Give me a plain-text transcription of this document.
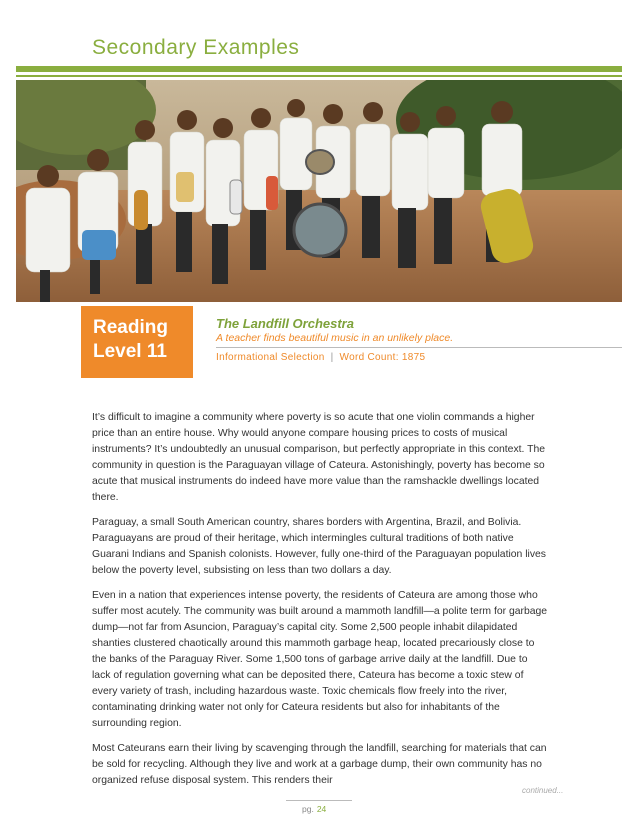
Secondary Examples
Reading
Level 11
The Landfill Orchestra
A teacher finds beautiful music in an unlikely place.
Informational Selection | Word Count: 1875

It’s difficult to imagine a community where poverty is so acute that one violin commands a higher price than an entire house. Why would anyone compare housing prices to costs of musical instruments? It’s undoubtedly an unusual comparison, but perfectly appropriate in this context. The community in question is the Paraguayan village of Cateura. Astonishingly, poverty has become so acute that musical instruments do indeed have more value than the ramshackle dwellings located there.

Paraguay, a small South American country, shares borders with Argentina, Brazil, and Bolivia. Paraguayans are proud of their heritage, which intermingles cultural traditions of both native Guarani Indians and Spanish colonists. However, fully one-third of the Paraguayan population lives below the poverty level, subsisting on less than two dollars a day.

Even in a nation that experiences intense poverty, the residents of Cateura are among those who suffer most acutely. The community was built around a mammoth landfill—a polite term for garbage dump—not far from Asuncion, Paraguay’s capital city. Some 2,500 people inhabit dilapidated shanties clustered chaotically around this mammoth garbage heap, located precariously close to the banks of the Paraguay River. Some 1,500 tons of garbage arrive daily at the landfill. Due to lack of regulation governing what can be deposited there, Cateura has become a toxic stew of every variety of trash, including hazardous waste. Toxic chemicals flow freely into the river, contaminating drinking water not only for Cateura residents but also for inhabitants of the surrounding region.

Most Cateurans earn their living by scavenging through the landfill, searching for materials that can be sold for recycling. Although they live and work at a garbage dump, their own community has no organized refuse disposal system. This renders their

continued...
pg. 24
